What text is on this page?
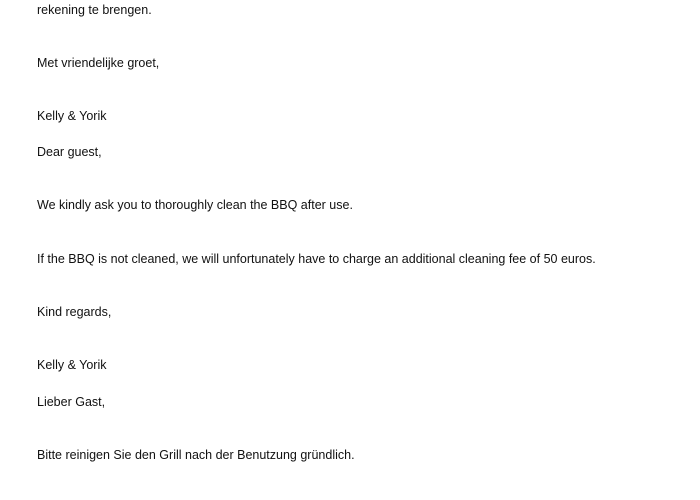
rekening te brengen.

Met vriendelijke groet,

Kelly & Yorik

Dear guest,

We kindly ask you to thoroughly clean the BBQ after use.

If the BBQ is not cleaned, we will unfortunately have to charge an additional cleaning fee of 50 euros.

Kind regards,

Kelly & Yorik

Lieber Gast,

Bitte reinigen Sie den Grill nach der Benutzung gründlich.
